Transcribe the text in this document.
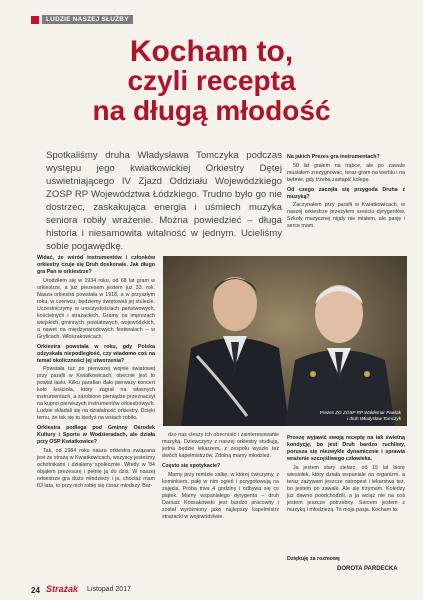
LUDZIE NASZEJ SŁUŻBY
Kocham to,
czyli recepta
na długą młodość
Spotkaliśmy druha Władysława Tomczyka podczas występu jego kwiatkowickiej Orkiestry Dętej uświetniającego IV Zjazd Oddziału Wojewódzkiego ZOSP RP Województwa Łódzkiego. Trudno było go nie dostrzec, zaskakująca energia i uśmiech muzyka seniora robiły wrażenie. Można powiedzieć – długa historia i niesamowita witalność w jednym. Ucieliśmy sobie pogawędkę.

Na jakich Prezes gra instrumentach?

50 lat grałem na trąbce, ale po zawale musiałem zrezygnować, teraz gram na werblu i na bębnie, gdy trzeba zastąpić kolegę.

Od czego zaczęła się przygoda Druha z muzyką?

Zaczynałem przy parafii w Kwiatkowicach, w naszej orkiestrze przeżyłem sześciu dyrygentów. Szkoły muzycznej nigdy nie miałem, ale pasję i serce mam.

Widać, że wśród instrumentów i członków orkiestry czuje się Druh doskonale. Jak długo gra Pan w orkiestrze?

Urodziłem się w 1934 roku, od 68 lat gram w orkiestrze, a już prezesem jestem już 33. rok. Nasza orkiestra powstała w 1918, a w przyszłym roku, w czerwcu, będziemy świętowali jej stulecie. Uczestniczymy w uroczystościach państwowych, kościelnych i strażackich. Gramy na imprezach wiejskich, gminnych, powiatowych, wojewódzkich, a nawet na międzynarodowych festiwalach – w Gryficach, Włoszakowicach.

Orkiestra powstała w roku, gdy Polska odzyskała niepodległość, czy wiadomo coś na temat okoliczności jej utworzenia?

Powstała tuż po pierwszej wojnie światowej przy parafii w Kwiatkowicach, obecnie jest to powiat łaski. Kilku parafian dało pierwszy koncert koło kościoła, który zagrał na własnych instrumentach, a zarobione pieniądze przeznaczył na kupno pierwszych instrumentów orkiestrowych. Ludzie składali się na działalność orkiestry. Dzięki temu, że tak się to kiedyś na wsiach robiło.

Orkiestra podlega pod Gminny Ośrodek Kultury i Sportu w Wodzieradach, ale działa przy OSP Kwiatkowice?

Tak, od 1984 roku nasza orkiestra związana jest ze strażą w Kwiatkowicach, wszyscy jesteśmy ochotnikami i działamy społecznie. Wtedy w '84 objąłem prezesurę i pełnię ją do dziś. W naszej orkiestrze gra dużo młodzieży i ja, chociaż mam 83 lata, to przy nich robię się coraz młodszy. Bar-

Prezes ZG ZOSP RP Waldemar Pawlak
i druh Władysław Tomczyk

dzo nas cieszy ich obecność i zainteresowanie muzyką. Dziewczyny z naszej orkiestry studiują, jedna będzie lekarzem, z zespołu wyszło też dwóch kapelmistrzów. Zdolną mamy młodzież.

Często się spotykacie?

Mamy przy remizie salkę, w której ćwiczymy, z kominkiem, pałę w nim ogień i przygotowują na zajęcia. Próba trwa 4 godziny i odbywa się co piątek. Mamy wspaniałego dyrygenta – druh Dariusz Kossakowski jest bardzo pracowity i został wyróżniony jako najlepszy kapelmistrz strażacki w województwie.

Proszę wyjawić swoją receptę na tak świetną kondycję, bo jest Druh bardzo ruchliwy, porusza się niezwykle dynamicznie i sprawia wrażenie szczęśliwego człowieka.

Ja jestem stary zielarz, od 15 lat biorę wiesiołek, który działa wspaniale na organizm, a teraz zażywam jeszcze ostropest i lekarstwa też, bo jestem po zawale. Ale się trzymam. Koledzy już dawno poodchodzili, a ja wciąż nie na coś jestem jeszcze potrzebny. Sercem jestem z muzyką i młodzieżą. To moja pasja. Kocham to.

Dziękuję za rozmowę
DOROTA PARDECKA
24 Strażak Listopad 2017
